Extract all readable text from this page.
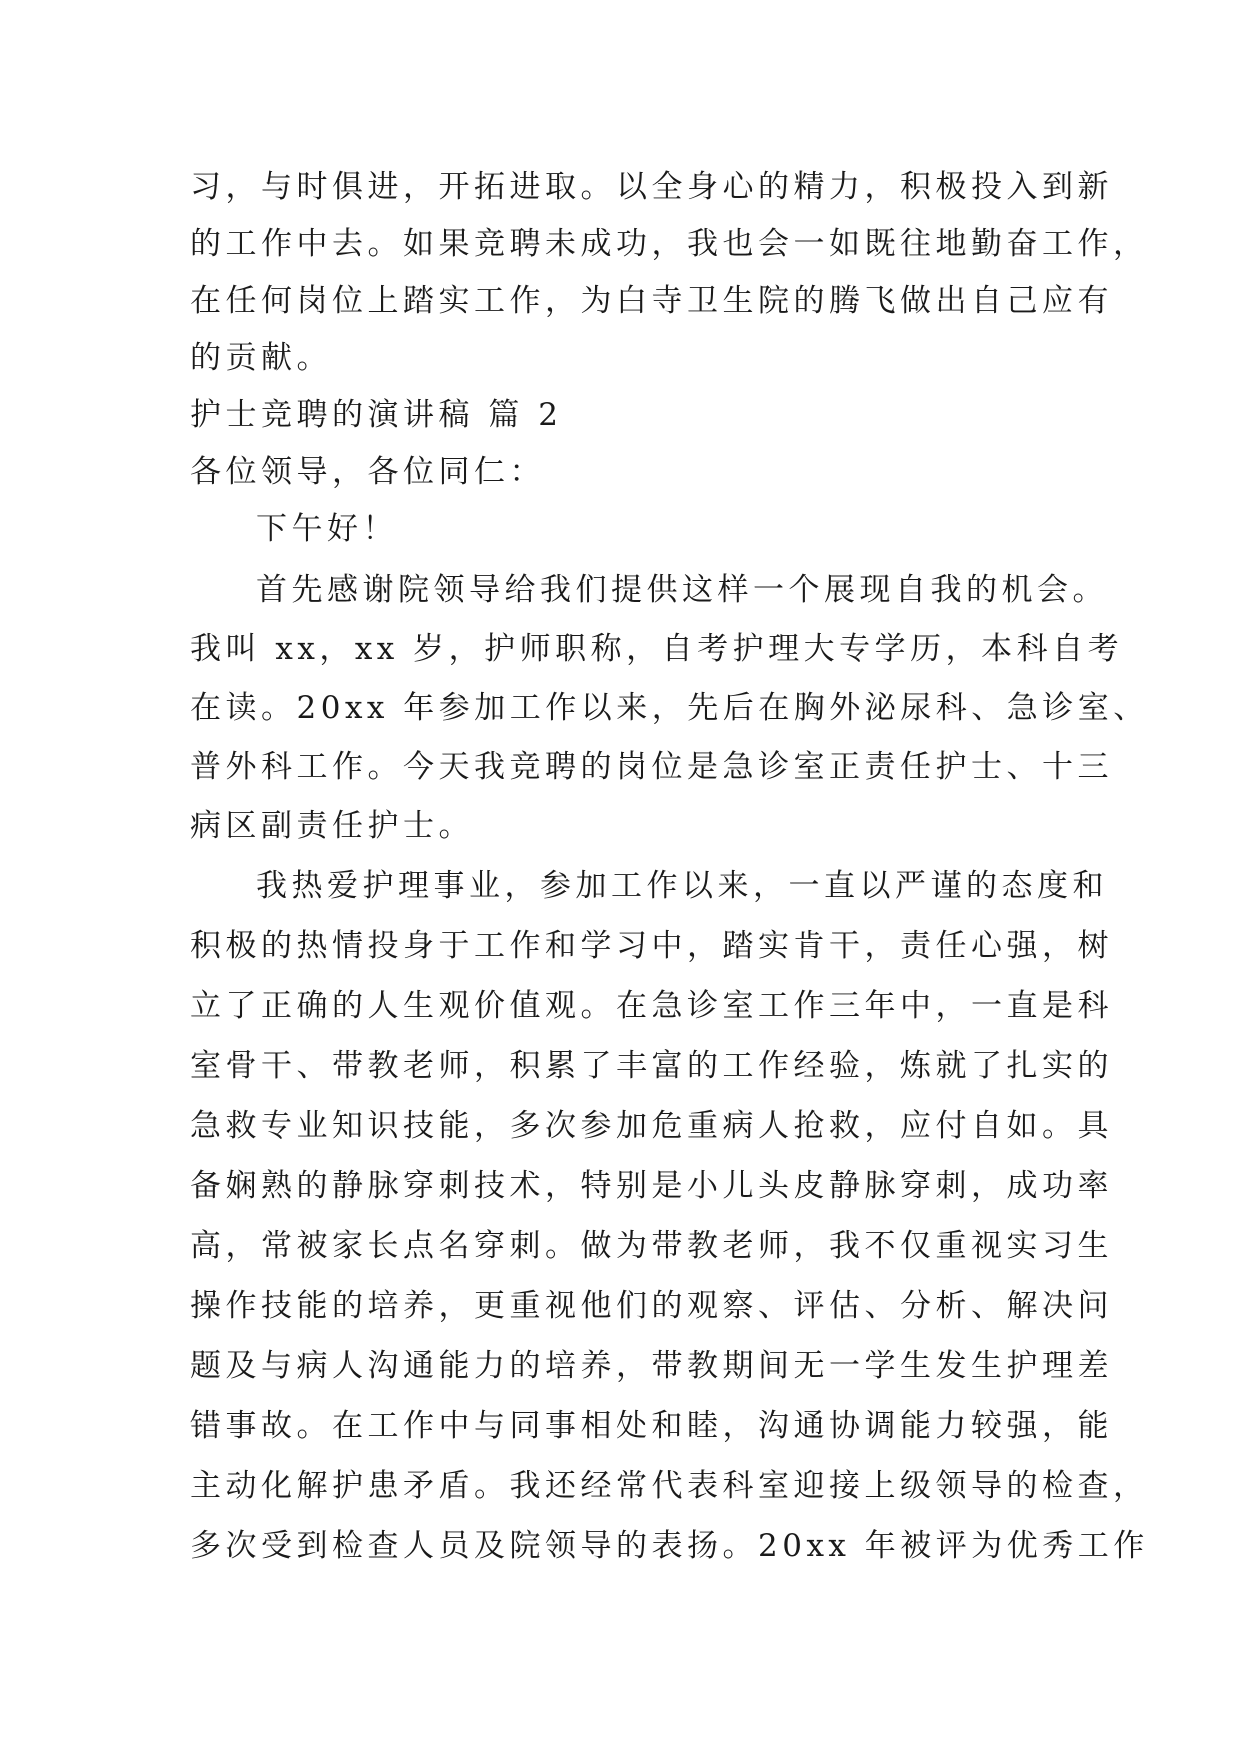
习，与时俱进，开拓进取。以全身心的精力，积极投入到新
的工作中去。如果竞聘未成功，我也会一如既往地勤奋工作，
在任何岗位上踏实工作，为白寺卫生院的腾飞做出自己应有
的贡献。
护士竞聘的演讲稿 篇 2
各位领导，各位同仁：
下午好！
首先感谢院领导给我们提供这样一个展现自我的机会。
我叫 xx，xx 岁，护师职称，自考护理大专学历，本科自考
在读。20xx 年参加工作以来，先后在胸外泌尿科、急诊室、
普外科工作。今天我竞聘的岗位是急诊室正责任护士、十三
病区副责任护士。
我热爱护理事业，参加工作以来，一直以严谨的态度和
积极的热情投身于工作和学习中，踏实肯干，责任心强，树
立了正确的人生观价值观。在急诊室工作三年中，一直是科
室骨干、带教老师，积累了丰富的工作经验，炼就了扎实的
急救专业知识技能，多次参加危重病人抢救，应付自如。具
备娴熟的静脉穿刺技术，特别是小儿头皮静脉穿刺，成功率
高，常被家长点名穿刺。做为带教老师，我不仅重视实习生
操作技能的培养，更重视他们的观察、评估、分析、解决问
题及与病人沟通能力的培养，带教期间无一学生发生护理差
错事故。在工作中与同事相处和睦，沟通协调能力较强，能
主动化解护患矛盾。我还经常代表科室迎接上级领导的检查，
多次受到检查人员及院领导的表扬。20xx 年被评为优秀工作
